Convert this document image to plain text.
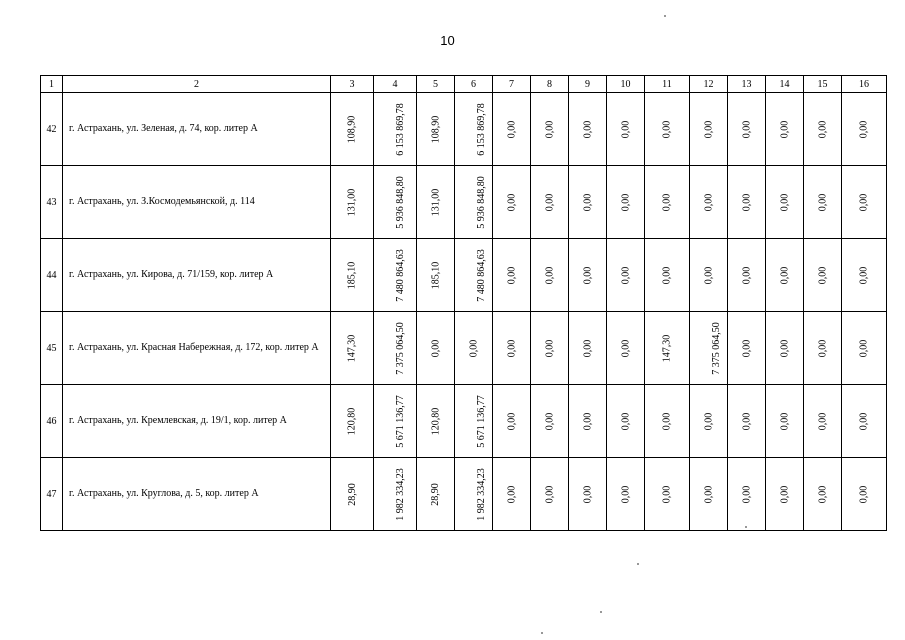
10
1	2	3	4	5	6	7	8	9	10	11	12	13	14	15	16
42	г. Астрахань, ул. Зеленая, д. 74, кор. литер А	108,90	6 153 869,78	108,90	6 153 869,78	0,00	0,00	0,00	0,00	0,00	0,00	0,00	0,00	0,00	0,00
43	г. Астрахань, ул. З.Космодемьянской, д. 114	131,00	5 936 848,80	131,00	5 936 848,80	0,00	0,00	0,00	0,00	0,00	0,00	0,00	0,00	0,00	0,00
44	г. Астрахань, ул. Кирова, д. 71/159, кор. литер А	185,10	7 480 864,63	185,10	7 480 864,63	0,00	0,00	0,00	0,00	0,00	0,00	0,00	0,00	0,00	0,00
45	г. Астрахань, ул. Красная Набережная, д. 172, кор. литер А	147,30	7 375 064,50	0,00	0,00	0,00	0,00	0,00	0,00	147,30	7 375 064,50	0,00	0,00	0,00	0,00
46	г. Астрахань, ул. Кремлевская, д. 19/1, кор. литер А	120,80	5 671 136,77	120,80	5 671 136,77	0,00	0,00	0,00	0,00	0,00	0,00	0,00	0,00	0,00	0,00
47	г. Астрахань, ул. Круглова, д. 5, кор. литер А	28,90	1 982 334,23	28,90	1 982 334,23	0,00	0,00	0,00	0,00	0,00	0,00	0,00	0,00	0,00	0,00
